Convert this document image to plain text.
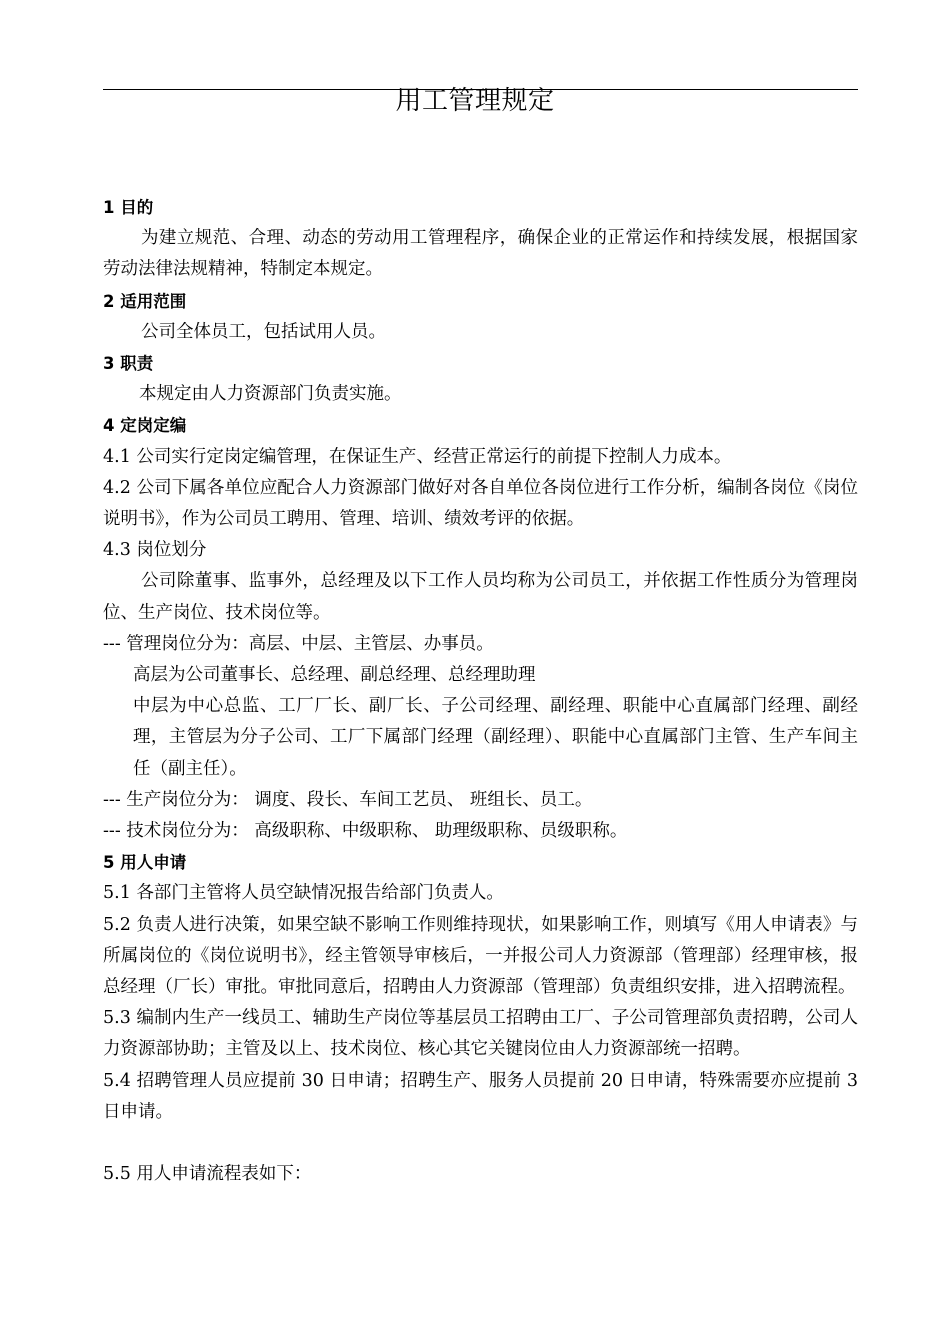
用工管理规定

1 目的

为建立规范、合理、动态的劳动用工管理程序，确保企业的正常运作和持续发展，根据国家劳动法律法规精神，特制定本规定。

2 适用范围

公司全体员工，包括试用人员。

3 职责

本规定由人力资源部门负责实施。

4 定岗定编

4.1 公司实行定岗定编管理，在保证生产、经营正常运行的前提下控制人力成本。

4.2 公司下属各单位应配合人力资源部门做好对各自单位各岗位进行工作分析，编制各岗位《岗位说明书》，作为公司员工聘用、管理、培训、绩效考评的依据。

4.3 岗位划分

公司除董事、监事外，总经理及以下工作人员均称为公司员工，并依据工作性质分为管理岗位、生产岗位、技术岗位等。

--- 管理岗位分为：高层、中层、主管层、办事员。

高层为公司董事长、总经理、副总经理、总经理助理

中层为中心总监、工厂厂长、副厂长、子公司经理、副经理、职能中心直属部门经理、副经理，主管层为分子公司、工厂下属部门经理（副经理）、职能中心直属部门主管、生产车间主任（副主任）。

--- 生产岗位分为： 调度、段长、车间工艺员、 班组长、员工。

--- 技术岗位分为： 高级职称、中级职称、 助理级职称、员级职称。

5 用人申请

5.1 各部门主管将人员空缺情况报告给部门负责人。

5.2 负责人进行决策，如果空缺不影响工作则维持现状，如果影响工作，则填写《用人申请表》与所属岗位的《岗位说明书》，经主管领导审核后，一并报公司人力资源部（管理部）经理审核，报总经理（厂长）审批。审批同意后，招聘由人力资源部（管理部）负责组织安排，进入招聘流程。

5.3 编制内生产一线员工、辅助生产岗位等基层员工招聘由工厂、子公司管理部负责招聘，公司人力资源部协助；主管及以上、技术岗位、核心其它关键岗位由人力资源部统一招聘。

5.4 招聘管理人员应提前 30 日申请；招聘生产、服务人员提前 20 日申请，特殊需要亦应提前 3 日申请。

5.5 用人申请流程表如下：
